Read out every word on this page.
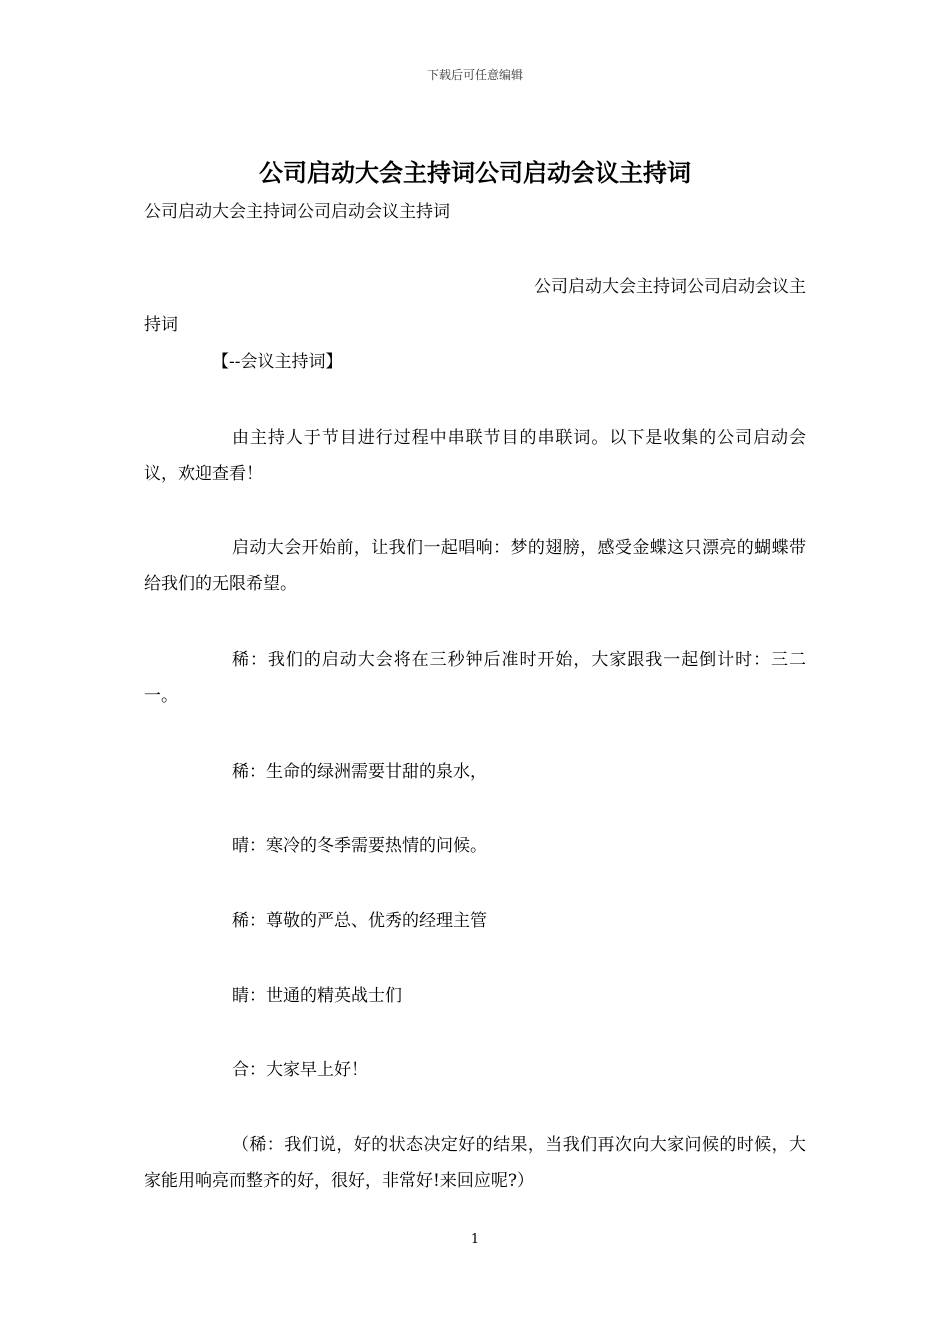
下载后可任意编辑
公司启动大会主持词公司启动会议主持词
公司启动大会主持词公司启动会议主持词
公司启动大会主持词公司启动会议主
持词
【--会议主持词】

由主持人于节目进行过程中串联节目的串联词。以下是收集的公司启动会议，欢迎查看！

启动大会开始前，让我们一起唱响：梦的翅膀，感受金蝶这只漂亮的蝴蝶带给我们的无限希望。

稀：我们的启动大会将在三秒钟后准时开始，大家跟我一起倒计时：三二一。

稀：生命的绿洲需要甘甜的泉水，
晴：寒冷的冬季需要热情的问候。
稀：尊敬的严总、优秀的经理主管
睛：世通的精英战士们
合：大家早上好！

（稀：我们说，好的状态决定好的结果，当我们再次向大家问候的时候，大家能用响亮而整齐的好，很好，非常好!来回应呢?）

1
